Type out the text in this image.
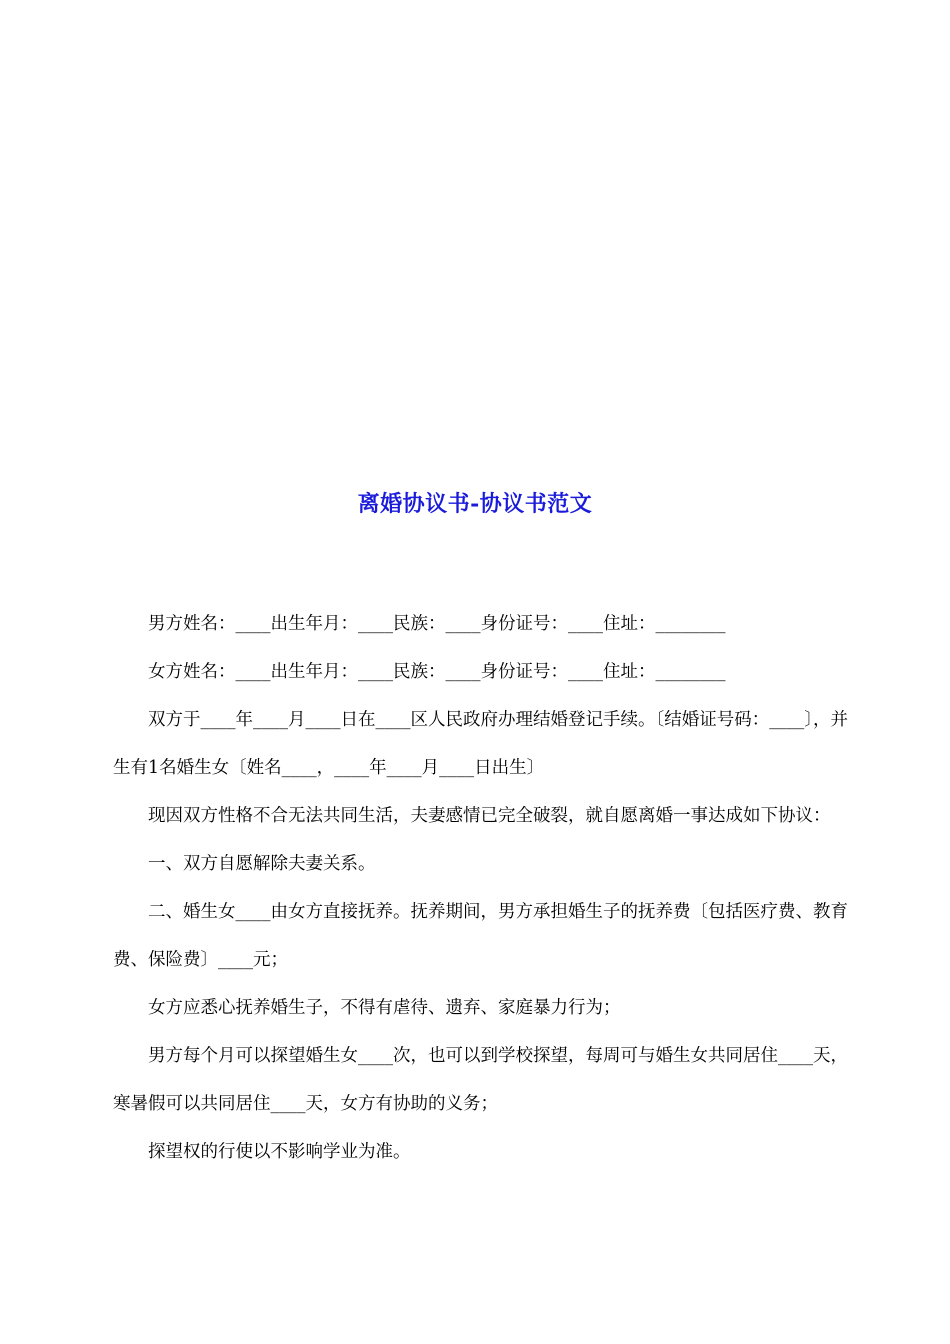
离婚协议书-协议书范文

男方姓名：____出生年月：____民族：____身份证号：____住址：________

女方姓名：____出生年月：____民族：____身份证号：____住址：________

双方于____年____月____日在____区人民政府办理结婚登记手续。〔结婚证号码：____〕，并生有1名婚生女〔姓名____，____年____月____日出生〕

现因双方性格不合无法共同生活，夫妻感情已完全破裂，就自愿离婚一事达成如下协议：

一、双方自愿解除夫妻关系。

二、婚生女____由女方直接抚养。抚养期间，男方承担婚生子的抚养费〔包括医疗费、教育费、保险费〕____元；

女方应悉心抚养婚生子，不得有虐待、遗弃、家庭暴力行为；

男方每个月可以探望婚生女____次，也可以到学校探望，每周可与婚生女共同居住____天，寒暑假可以共同居住____天，女方有协助的义务；

探望权的行使以不影响学业为准。
